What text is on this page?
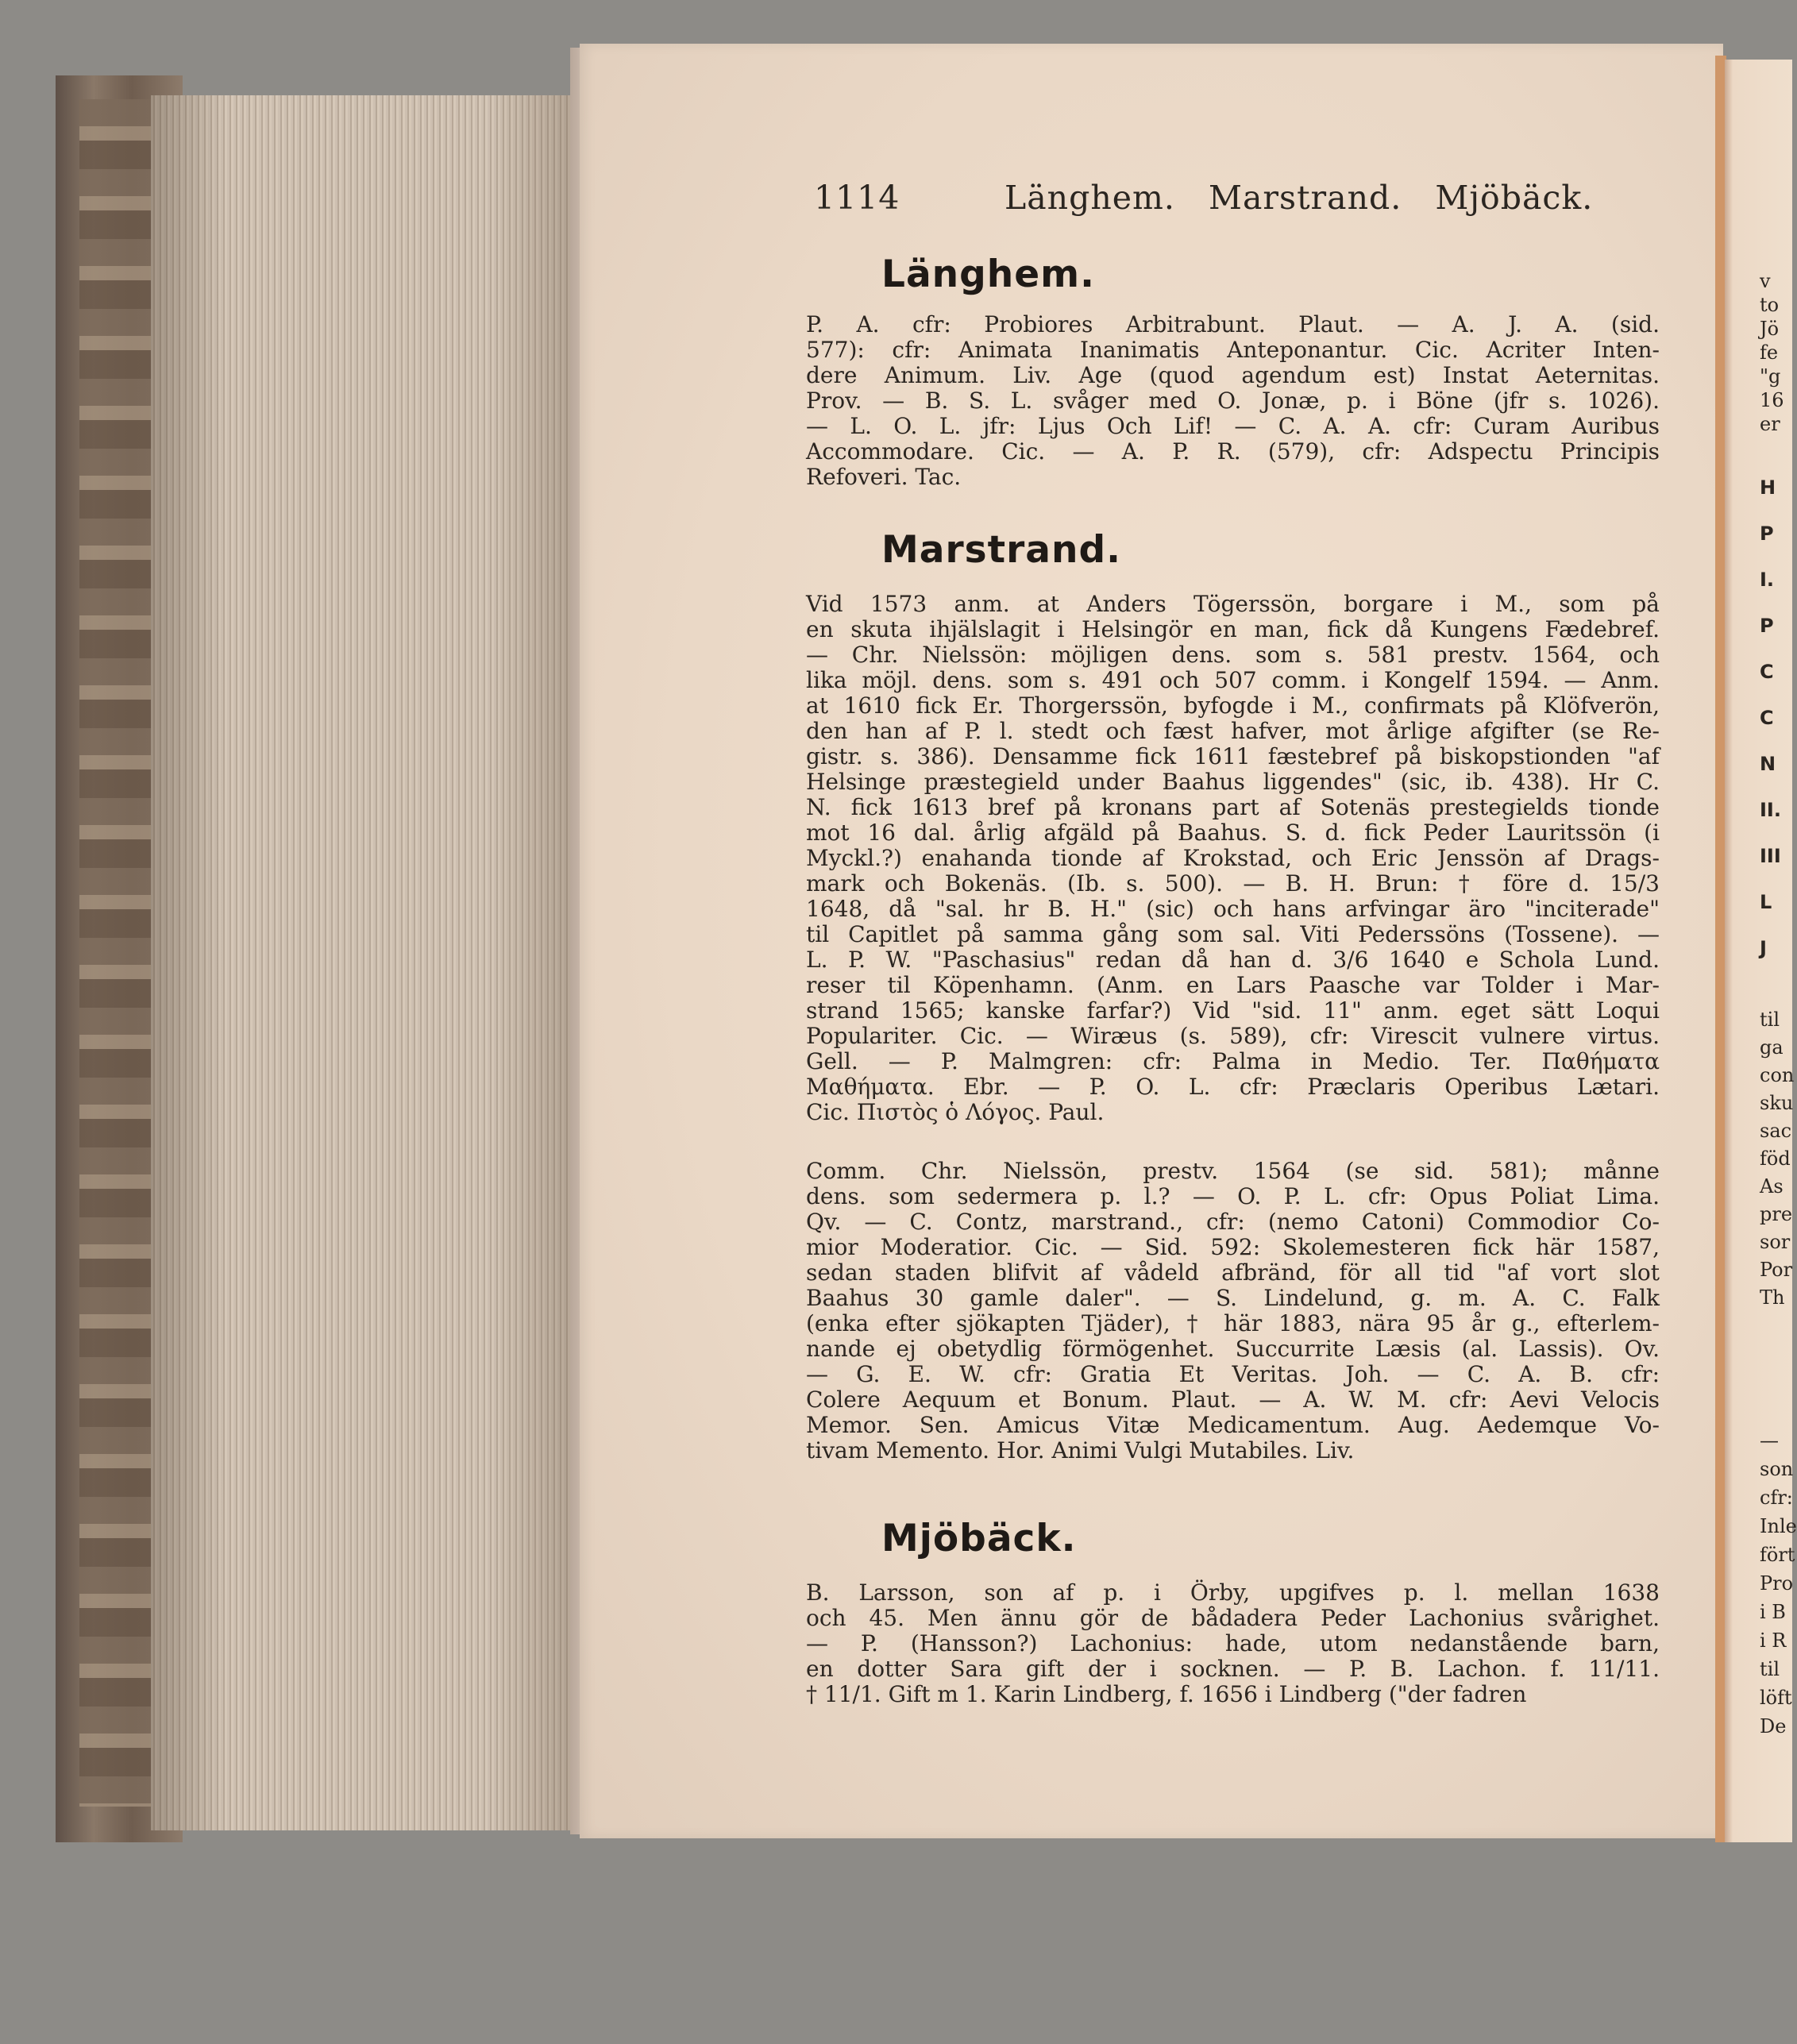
1114	Länghem.   Marstrand.   Mjöbäck.
Länghem.
P. A. cfr: Probiores Arbitrabunt. Plaut. — A. J. A. (sid.
577): cfr: Animata Inanimatis Anteponantur. Cic. Acriter Inten-
dere Animum. Liv. Age (quod agendum est) Instat Aeternitas.
Prov. — B. S. L. svåger med O. Jonæ, p. i Böne (jfr s. 1026).
— L. O. L. jfr: Ljus Och Lif! — C. A. A. cfr: Curam Auribus
Accommodare. Cic. — A. P. R. (579), cfr: Adspectu Principis
Refoveri. Tac.
Marstrand.
Vid 1573 anm. at Anders Tögerssön, borgare i M., som på
en skuta ihjälslagit i Helsingör en man, fick då Kungens Fædebref.
— Chr. Nielssön: möjligen dens. som s. 581 prestv. 1564, och
lika möjl. dens. som s. 491 och 507 comm. i Kongelf 1594. — Anm.
at 1610 fick Er. Thorgerssön, byfogde i M., confirmats på Klöfverön,
den han af P. l. stedt och fæst hafver, mot årlige afgifter (se Re-
gistr. s. 386). Densamme fick 1611 fæstebref på biskopstionden "af
Helsinge præstegield under Baahus liggendes" (sic, ib. 438). Hr C.
N. fick 1613 bref på kronans part af Sotenäs prestegields tionde
mot 16 dal. årlig afgäld på Baahus. S. d. fick Peder Lauritssön (i
Myckl.?) enahanda tionde af Krokstad, och Eric Jenssön af Drags-
mark och Bokenäs. (Ib. s. 500). — B. H. Brun: † före d. 15/3
1648, då "sal. hr B. H." (sic) och hans arfvingar äro "inciterade"
til Capitlet på samma gång som sal. Viti Pederssöns (Tossene). —
L. P. W. "Paschasius" redan då han d. 3/6 1640 e Schola Lund.
reser til Köpenhamn. (Anm. en Lars Paasche var Tolder i Mar-
strand 1565; kanske farfar?) Vid "sid. 11" anm. eget sätt Loqui
Populariter. Cic. — Wiræus (s. 589), cfr: Virescit vulnere virtus.
Gell. — P. Malmgren: cfr: Palma in Medio. Ter. Παθήματα
Μαθήματα. Ebr. — P. O. L. cfr: Præclaris Operibus Lætari.
Cic. Πιστὸς ὁ Λόγος. Paul.
Comm. Chr. Nielssön, prestv. 1564 (se sid. 581); månne
dens. som sedermera p. l.? — O. P. L. cfr: Opus Poliat Lima.
Qv. — C. Contz, marstrand., cfr: (nemo Catoni) Commodior Co-
mior Moderatior. Cic. — Sid. 592: Skolemesteren fick här 1587,
sedan staden blifvit af vådeld afbränd, för all tid "af vort slot
Baahus 30 gamle daler". — S. Lindelund, g. m. A. C. Falk
(enka efter sjökapten Tjäder), † här 1883, nära 95 år g., efterlem-
nande ej obetydlig förmögenhet. Succurrite Læsis (al. Lassis). Ov.
— G. E. W. cfr: Gratia Et Veritas. Joh. — C. A. B. cfr:
Colere Aequum et Bonum. Plaut. — A. W. M. cfr: Aevi Velocis
Memor. Sen. Amicus Vitæ Medicamentum. Aug. Aedemque Vo-
tivam Memento. Hor. Animi Vulgi Mutabiles. Liv.
Mjöbäck.
B. Larsson, son af p. i Örby, upgifves p. l. mellan 1638
och 45. Men ännu gör de bådadera Peder Lachonius svårighet.
— P. (Hansson?) Lachonius: hade, utom nedanstående barn,
en dotter Sara gift der i socknen. — P. B. Lachon. f. 11/11.
† 11/1. Gift m 1. Karin Lindberg, f. 1656 i Lindberg ("der fadren
v
to
Jö
fe
"g
16
er
H
P
I.
P
C
C
N
II.
III
L
J
til
ga
con
sku
sac
föd
As
pre
sor
Por
Th
—
son
cfr:
Inle
fört
Pro
i B
i R
til
löft
De
